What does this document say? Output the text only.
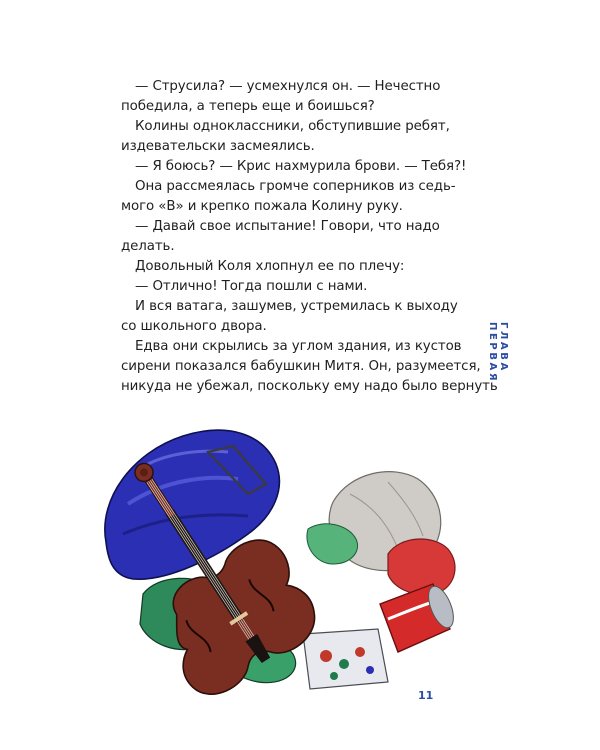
— Струсила? — усмехнулся он. — Нечестно

победила, а теперь еще и боишься?

Колины одноклассники, обступившие ребят,

издевательски засмеялись.

— Я боюсь? — Крис нахмурила брови. — Тебя?!

Она рассмеялась громче соперников из седь-

мого «В» и крепко пожала Колину руку.

— Давай свое испытание! Говори, что надо

делать.

Довольный Коля хлопнул ее по плечу:

— Отлично! Тогда пошли с нами.

И вся ватага, зашумев, устремилась к выходу

со школьного двора.

Едва они скрылись за углом здания, из кустов

сирени показался бабушкин Митя. Он, разумеется,

никуда не убежал, поскольку ему надо было вернуть

ГЛАВА ПЕРВАЯ
11
